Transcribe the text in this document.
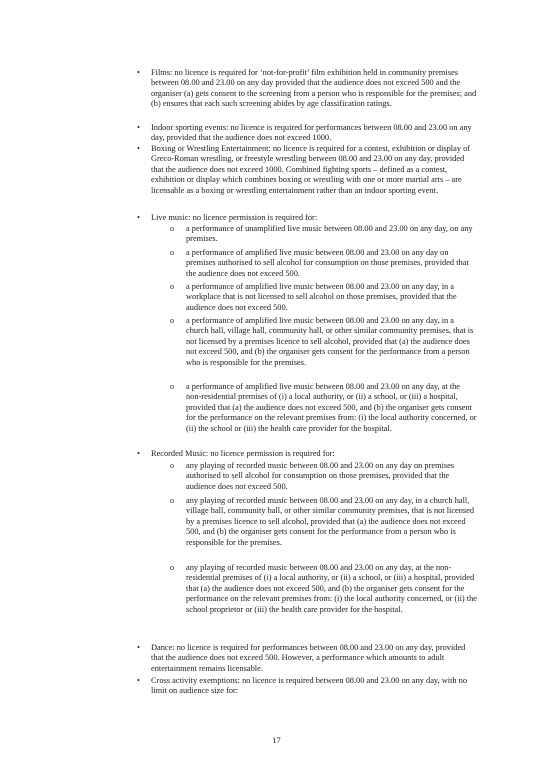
• Films: no licence is required for ‘not-for-profit’ film exhibition held in community premises between 08.00 and 23.00 on any day provided that the audience does not exceed 500 and the organiser (a) gets consent to the screening from a person who is responsible for the premises; and (b) ensures that each such screening abides by age classification ratings.
• Indoor sporting events: no licence is required for performances between 08.00 and 23.00 on any day, provided that the audience does not exceed 1000.
• Boxing or Wrestling Entertainment: no licence is required for a contest, exhibition or display of Greco-Roman wrestling, or freestyle wrestling between 08.00 and 23.00 on any day, provided that the audience does not exceed 1000. Combined fighting sports – defined as a contest, exhibition or display which combines boxing or wrestling with one or more martial arts – are licensable as a boxing or wrestling entertainment rather than an indoor sporting event.
• Live music: no licence permission is required for:
o a performance of unamplified live music between 08.00 and 23.00 on any day, on any premises.
o a performance of amplified live music between 08.00 and 23.00 on any day on premises authorised to sell alcohol for consumption on those premises, provided that the audience does not exceed 500.
o a performance of amplified live music between 08.00 and 23.00 on any day, in a workplace that is not licensed to sell alcohol on those premises, provided that the audience does not exceed 500.
o a performance of amplified live music between 08.00 and 23.00 on any day, in a church hall, village hall, community hall, or other similar community premises, that is not licensed by a premises licence to sell alcohol, provided that (a) the audience does not exceed 500, and (b) the organiser gets consent for the performance from a person who is responsible for the premises.
o a performance of amplified live music between 08.00 and 23.00 on any day, at the non-residential premises of (i) a local authority, or (ii) a school, or (iii) a hospital, provided that (a) the audience does not exceed 500, and (b) the organiser gets consent for the performance on the relevant premises from: (i) the local authority concerned, or (ii) the school or (iii) the health care provider for the hospital.
• Recorded Music: no licence permission is required for:
o any playing of recorded music between 08.00 and 23.00 on any day on premises authorised to sell alcohol for consumption on those premises, provided that the audience does not exceed 500.
o any playing of recorded music between 08.00 and 23.00 on any day, in a church hall, village hall, community hall, or other similar community premises, that is not licensed by a premises licence to sell alcohol, provided that (a) the audience does not exceed 500, and (b) the organiser gets consent for the performance from a person who is responsible for the premises.
o any playing of recorded music between 08.00 and 23.00 on any day, at the non-residential premises of (i) a local authority, or (ii) a school, or (iii) a hospital, provided that (a) the audience does not exceed 500, and (b) the organiser gets consent for the performance on the relevant premises from: (i) the local authority concerned, or (ii) the school proprietor or (iii) the health care provider for the hospital.
• Dance: no licence is required for performances between 08.00 and 23.00 on any day, provided that the audience does not exceed 500. However, a performance which amounts to adult entertainment remains licensable.
• Cross activity exemptions: no licence is required between 08.00 and 23.00 on any day, with no limit on audience size for:
17
